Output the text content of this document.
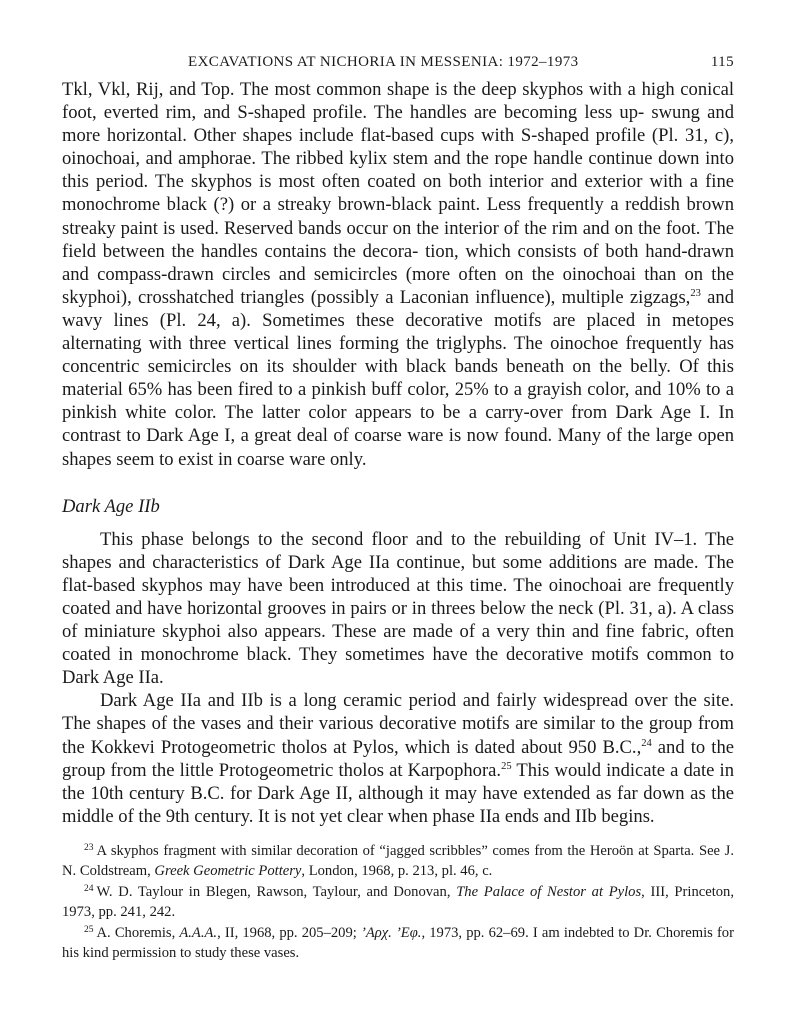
EXCAVATIONS AT NICHORIA IN MESSENIA: 1972–1973	115

Tkl, Vkl, Rij, and Top. The most common shape is the deep skyphos with a high conical foot, everted rim, and S-shaped profile. The handles are becoming less up- swung and more horizontal. Other shapes include flat-based cups with S-shaped profile (Pl. 31, c), oinochoai, and amphorae. The ribbed kylix stem and the rope handle continue down into this period. The skyphos is most often coated on both interior and exterior with a fine monochrome black (?) or a streaky brown-black paint. Less frequently a reddish brown streaky paint is used. Reserved bands occur on the interior of the rim and on the foot. The field between the handles contains the decora- tion, which consists of both hand-drawn and compass-drawn circles and semicircles (more often on the oinochoai than on the skyphoi), crosshatched triangles (possibly a Laconian influence), multiple zigzags,$^{23}$ and wavy lines (Pl. 24, a). Sometimes these decorative motifs are placed in metopes alternating with three vertical lines forming the triglyphs. The oinochoe frequently has concentric semicircles on its shoulder with black bands beneath on the belly. Of this material 65% has been fired to a pinkish buff color, 25% to a grayish color, and 10% to a pinkish white color. The latter color appears to be a carry-over from Dark Age I. In contrast to Dark Age I, a great deal of coarse ware is now found. Many of the large open shapes seem to exist in coarse ware only.

Dark Age IIb

This phase belongs to the second floor and to the rebuilding of Unit IV–1. The shapes and characteristics of Dark Age IIa continue, but some additions are made. The flat-based skyphos may have been introduced at this time. The oinochoai are frequently coated and have horizontal grooves in pairs or in threes below the neck (Pl. 31, a). A class of miniature skyphoi also appears. These are made of a very thin and fine fabric, often coated in monochrome black. They sometimes have the decorative motifs common to Dark Age IIa.

Dark Age IIa and IIb is a long ceramic period and fairly widespread over the site. The shapes of the vases and their various decorative motifs are similar to the group from the Kokkevi Protogeometric tholos at Pylos, which is dated about 950 B.C.,$^{24}$ and to the group from the little Protogeometric tholos at Karpophora.$^{25}$ This would indicate a date in the 10th century B.C. for Dark Age II, although it may have extended as far down as the middle of the 9th century. It is not yet clear when phase IIa ends and IIb begins.

$^{23}$ A skyphos fragment with similar decoration of “jagged scribbles” comes from the Heroön at Sparta. See J. N. Coldstream, Greek Geometric Pottery, London, 1968, p. 213, pl. 46, c.

$^{24}$ W. D. Taylour in Blegen, Rawson, Taylour, and Donovan, The Palace of Nestor at Pylos, III, Princeton, 1973, pp. 241, 242.

$^{25}$ A. Choremis, A.A.A., II, 1968, pp. 205–209; ’Αρχ. ’Εφ., 1973, pp. 62–69. I am indebted to Dr. Choremis for his kind permission to study these vases.
